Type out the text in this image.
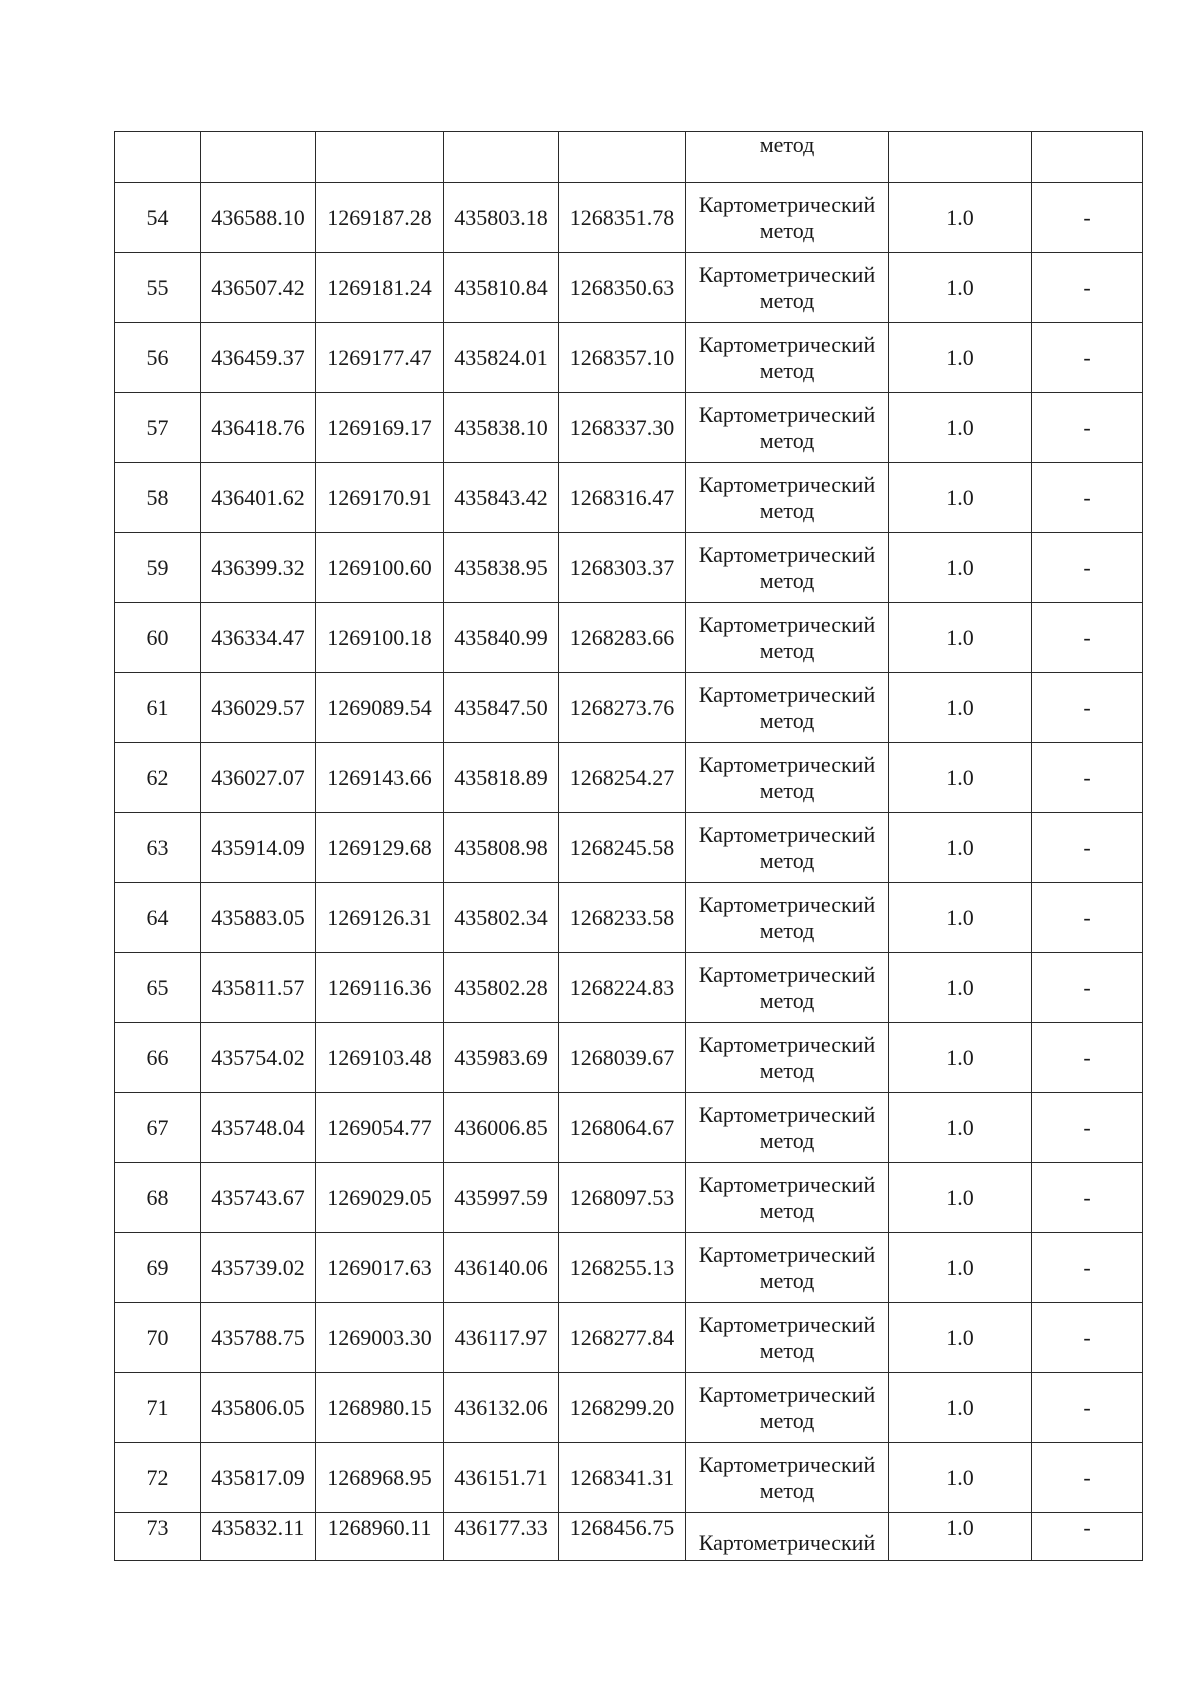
					метод		

54	436588.10	1269187.28	435803.18	1268351.78	Картометрический
метод	1.0	-
55	436507.42	1269181.24	435810.84	1268350.63	Картометрический
метод	1.0	-
56	436459.37	1269177.47	435824.01	1268357.10	Картометрический
метод	1.0	-
57	436418.76	1269169.17	435838.10	1268337.30	Картометрический
метод	1.0	-
58	436401.62	1269170.91	435843.42	1268316.47	Картометрический
метод	1.0	-
59	436399.32	1269100.60	435838.95	1268303.37	Картометрический
метод	1.0	-
60	436334.47	1269100.18	435840.99	1268283.66	Картометрический
метод	1.0	-
61	436029.57	1269089.54	435847.50	1268273.76	Картометрический
метод	1.0	-
62	436027.07	1269143.66	435818.89	1268254.27	Картометрический
метод	1.0	-
63	435914.09	1269129.68	435808.98	1268245.58	Картометрический
метод	1.0	-
64	435883.05	1269126.31	435802.34	1268233.58	Картометрический
метод	1.0	-
65	435811.57	1269116.36	435802.28	1268224.83	Картометрический
метод	1.0	-
66	435754.02	1269103.48	435983.69	1268039.67	Картометрический
метод	1.0	-
67	435748.04	1269054.77	436006.85	1268064.67	Картометрический
метод	1.0	-
68	435743.67	1269029.05	435997.59	1268097.53	Картометрический
метод	1.0	-
69	435739.02	1269017.63	436140.06	1268255.13	Картометрический
метод	1.0	-
70	435788.75	1269003.30	436117.97	1268277.84	Картометрический
метод	1.0	-
71	435806.05	1268980.15	436132.06	1268299.20	Картометрический
метод	1.0	-
72	435817.09	1268968.95	436151.71	1268341.31	Картометрический
метод	1.0	-
73	435832.11	1268960.11	436177.33	1268456.75	Картометрический	1.0	-
